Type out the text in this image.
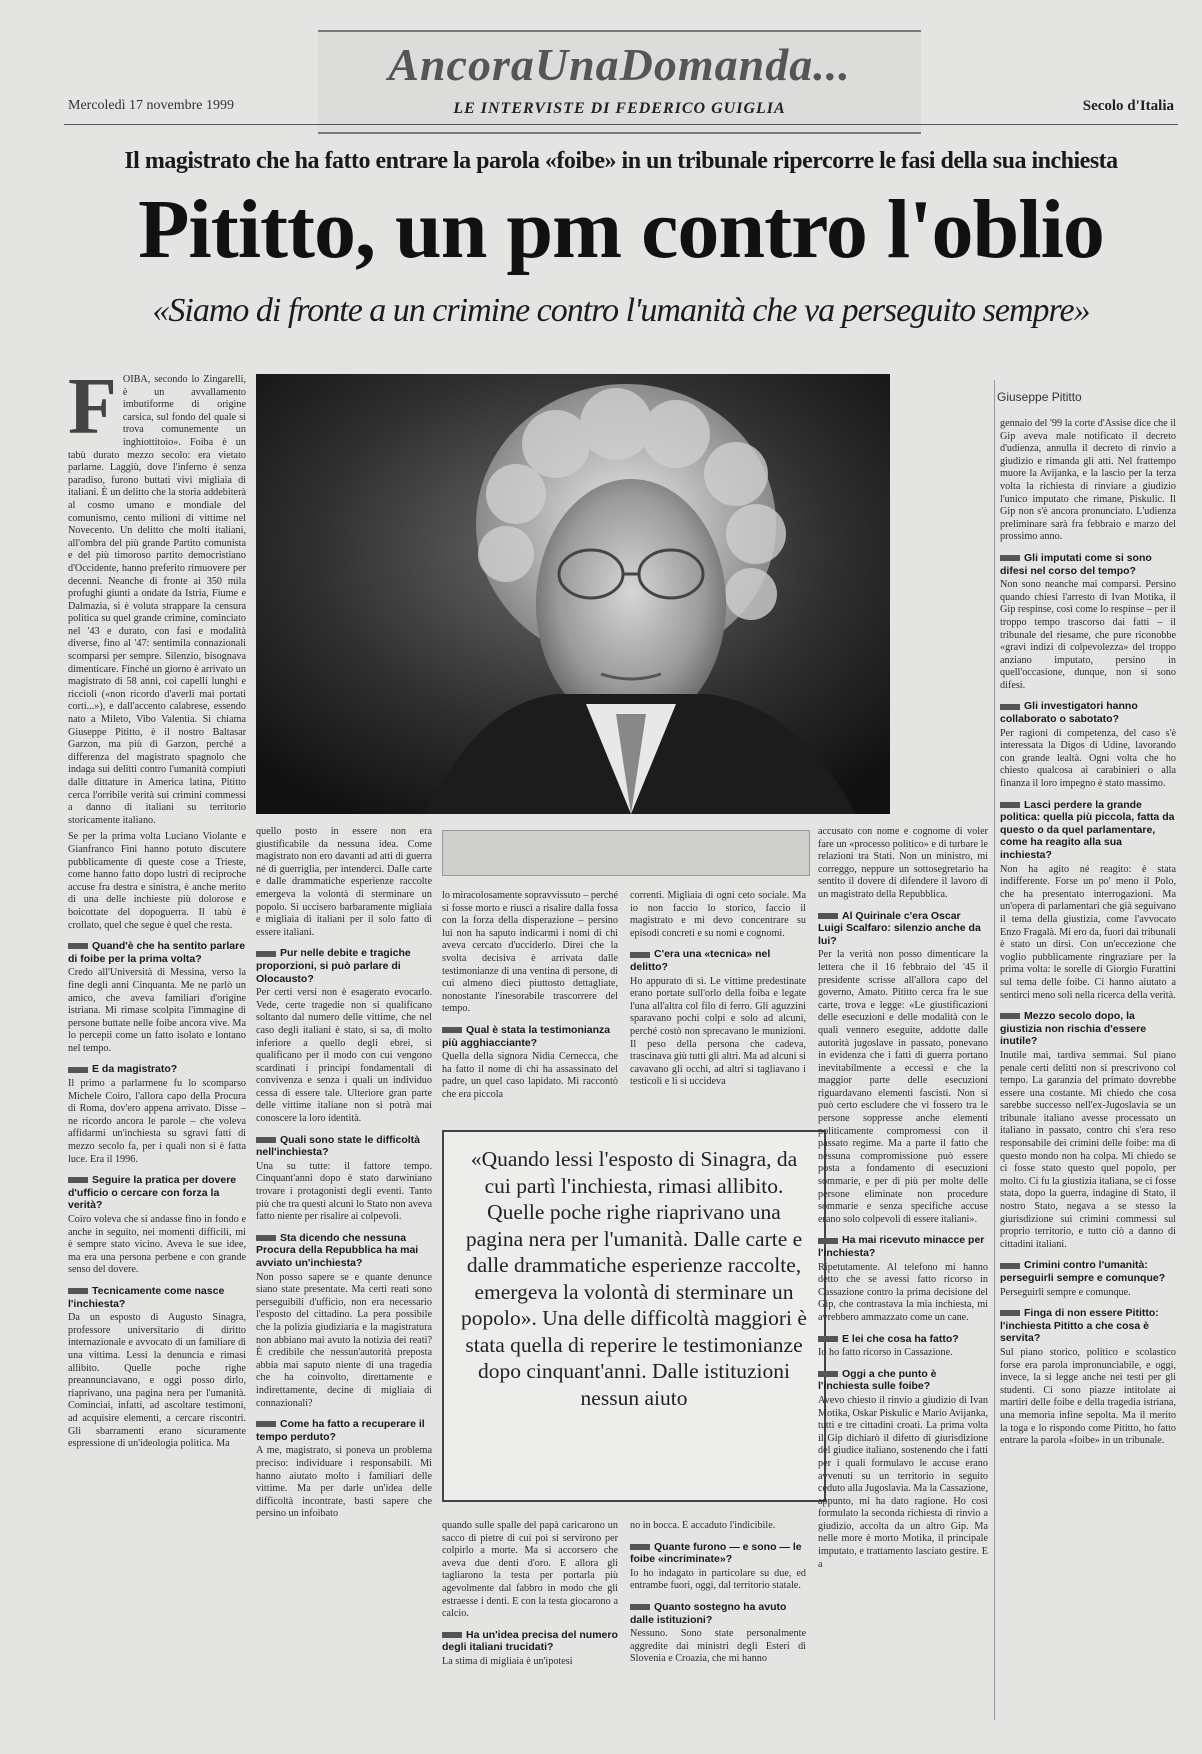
AncoraUnaDomanda...
LE INTERVISTE DI FEDERICO GUIGLIA
Mercoledì 17 novembre 1999	Secolo d'Italia
Il magistrato che ha fatto entrare la parola «foibe» in un tribunale ripercorre le fasi della sua inchiesta
Pititto, un pm contro l'oblio
«Siamo di fronte a un crimine contro l'umanità che va perseguito sempre»
Giuseppe Pititto
F OIBA, secondo lo Zingarelli, è un avvallamento imbutiforme di origine carsica, sul fondo del quale si trova comunemente un inghiottitoio». Foiba è un tabù durato mezzo secolo: era vietato parlarne. Laggiù, dove l'inferno è senza paradiso, furono buttati vivi migliaia di italiani. È un delitto che la storia addebiterà al cosmo umano e mondiale del comunismo, cento milioni di vittime nel Novecento. Un delitto che molti italiani, all'ombra del più grande Partito comunista e del più timoroso partito democristiano d'Occidente, hanno preferito rimuovere per decenni. Neanche di fronte ai 350 mila profughi giunti a ondate da Istria, Fiume e Dalmazia, si è voluta strappare la censura politica su quel grande crimine, cominciato nel '43 e durato, con fasi e modalità diverse, fino al '47: sentimila connazionali scomparsi per sempre. Silenzio, bisognava dimenticare. Finché un giorno è arrivato un magistrato di 58 anni, coi capelli lunghi e riccioli («non ricordo d'averli mai portati corti...»), e dall'accento calabrese, essendo nato a Mileto, Vibo Valentia. Si chiama Giuseppe Pititto, è il nostro Baltasar Garzon, ma più di Garzon, perché a differenza del magistrato spagnolo che indaga sui delitti contro l'umanità compiuti dalle dittature in America latina, Pititto cerca l'orribile verità sui crimini commessi a danno di italiani su territorio storicamente italiano.

Se per la prima volta Luciano Violante e Gianfranco Fini hanno potuto discutere pubblicamente di queste cose a Trieste, come hanno fatto dopo lustri di reciproche accuse fra destra e sinistra, è anche merito di una delle inchieste più dolorose e boicottate del dopoguerra. Il tabù è crollato, quel che segue è quel che resta.

Quand'è che ha sentito parlare di foibe per la prima volta?

Credo all'Università di Messina, verso la fine degli anni Cinquanta. Me ne parlò un amico, che aveva familiari d'origine istriana. Mi rimase scolpita l'immagine di persone buttate nelle foibe ancora vive. Ma lo percepii come un fatto isolato e lontano nel tempo.

E da magistrato?

Il primo a parlarmene fu lo scomparso Michele Coiro, l'allora capo della Procura di Roma, dov'ero appena arrivato. Disse – ne ricordo ancora le parole – che voleva affidarmi un'inchiesta su sgravi fatti di mezzo secolo fa, per i quali non si è fatta luce. Era il 1996.

Seguire la pratica per dovere d'ufficio o cercare con forza la verità?

Coiro voleva che si andasse fino in fondo e anche in seguito, nei momenti difficili, mi è sempre stato vicino. Aveva le sue idee, ma era una persona perbene e con grande senso del dovere.

Tecnicamente come nasce l'inchiesta?

Da un esposto di Augusto Sinagra, professore universitario di diritto internazionale e avvocato di un familiare di una vittima. Lessi la denuncia e rimasi allibito. Quelle poche righe preannunciavano, e oggi posso dirlo, riaprivano, una pagina nera per l'umanità. Cominciai, infatti, ad ascoltare testimoni, ad acquisire elementi, a cercare riscontri. Gli sbarramenti erano sicuramente espressione di un'ideologia politica. Ma

quello posto in essere non era giustificabile da nessuna idea. Come magistrato non ero davanti ad atti di guerra né di guerriglia, per intenderci. Dalle carte e dalle drammatiche esperienze raccolte emergeva la volontà di sterminare un popolo. Si uccisero barbaramente migliaia e migliaia di italiani per il solo fatto di essere italiani.

Pur nelle debite e tragiche proporzioni, si può parlare di Olocausto?

Per certi versi non è esagerato evocarlo. Vede, certe tragedie non si qualificano soltanto dal numero delle vittime, che nel caso degli italiani è stato, si sa, di molto inferiore a quello degli ebrei, si qualificano per il modo con cui vengono scardinati i principi fondamentali di convivenza e senza i quali un individuo cessa di essere tale. Ulteriore gran parte delle vittime italiane non si potrà mai conoscere la loro identità.

Quali sono state le difficoltà nell'inchiesta?

Una su tutte: il fattore tempo. Cinquant'anni dopo è stato darwiniano trovare i protagonisti degli eventi. Tanto più che tra questi alcuni lo Stato non aveva fatto niente per risalire ai colpevoli.

Sta dicendo che nessuna Procura della Repubblica ha mai avviato un'inchiesta?

Non posso sapere se e quante denunce siano state presentate. Ma certi reati sono perseguibili d'ufficio, non era necessario l'esposto del cittadino. La pera possibile che la polizia giudiziaria e la magistratura non abbiano mai avuto la notizia dei reati? È credibile che nessun'autorità preposta abbia mai saputo niente di una tragedia che ha coinvolto, direttamente e indirettamente, decine di migliaia di connazionali?

Come ha fatto a recuperare il tempo perduto?

A me, magistrato, si poneva un problema preciso: individuare i responsabili. Mi hanno aiutato molto i familiari delle vittime. Ma per darle un'idea delle difficoltà incontrate, basti sapere che persino un infoibato

lo miracolosamente sopravvissuto – perché si fosse morto e riuscì a risalire dalla fossa con la forza della disperazione – persino lui non ha saputo indicarmi i nomi di chi aveva cercato d'ucciderlo. Direi che la svolta decisiva è arrivata dalle testimonianze di una ventina di persone, di cui almeno dieci piuttosto dettagliate, nonostante l'inesorabile trascorrere del tempo.

Qual è stata la testimonianza più agghiacciante?

Quella della signora Nidia Cernecca, che ha fatto il nome di chi ha assassinato del padre, un quel caso lapidato. Mi raccontò che era piccola

correnti. Migliaia di ogni ceto sociale. Ma io non faccio lo storico, faccio il magistrato e mi devo concentrare su episodi concreti e su nomi e cognomi.

C'era una «tecnica» nel delitto?

Ho appurato di sì. Le vittime predestinate erano portate sull'orlo della foiba e legate l'una all'altra col filo di ferro. Gli aguzzini sparavano pochi colpi e solo ad alcuni, perché costò non sprecavano le munizioni. Il peso della persona che cadeva, trascinava giù tutti gli altri. Ma ad alcuni si cavavano gli occhi, ad altri si tagliavano i testicoli e li si uccideva

«Quando lessi l'esposto di Sinagra, da cui partì l'inchiesta, rimasi allibito. Quelle poche righe riaprivano una pagina nera per l'umanità. Dalle carte e dalle drammatiche esperienze raccolte, emergeva la volontà di sterminare un popolo». Una delle difficoltà maggiori è stata quella di reperire le testimonianze dopo cinquant'anni. Dalle istituzioni nessun aiuto

quando sulle spalle del papà caricarono un sacco di pietre di cui poi si servirono per colpirlo a morte. Ma si accorsero che aveva due denti d'oro. E allora gli tagliarono la testa per portarla più agevolmente dal fabbro in modo che gli estraesse i denti. E con la testa giocarono a calcio.

Ha un'idea precisa del numero degli italiani trucidati?

La stima di migliaia è un'ipotesi

no in bocca. È accaduto l'indicibile.

Quante furono — e sono — le foibe «incriminate»?

Io ho indagato in particolare su due, ed entrambe fuori, oggi, dal territorio statale.

Quanto sostegno ha avuto dalle istituzioni?

Nessuno. Sono state personalmente aggredite dai ministri degli Esteri di Slovenia e Croazia, che mi hanno

accusato con nome e cognome di voler fare un «processo politico» e di turbare le relazioni tra Stati. Non un ministro, mi correggo, neppure un sottosegretario ha sentito il dovere di difendere il lavoro di un magistrato della Repubblica.

Al Quirinale c'era Oscar Luigi Scalfaro: silenzio anche da lui?

Per la verità non posso dimenticare la lettera che il 16 febbraio del '45 il presidente scrisse all'allora capo del governo, Amato. Pititto cerca fra le sue carte, trova e legge: «Le giustificazioni delle esecuzioni e delle modalità con le quali vennero eseguite, addotte dalle autorità jugoslave in passato, ponevano in evidenza che i fatti di guerra portano inevitabilmente a eccessi e che la maggior parte delle esecuzioni riguardavano elementi fascisti. Non si può certo escludere che vi fossero tra le persone soppresse anche elementi politicamente compromessi con il passato regime. Ma a parte il fatto che nessuna compromissione può essere posta a fondamento di esecuzioni sommarie, e per di più per molte delle persone eliminate non procedure sommarie e senza specifiche accuse erano solo colpevoli di essere italiani».

Ha mai ricevuto minacce per l'inchiesta?

Ripetutamente. Al telefono mi hanno detto che se avessi fatto ricorso in Cassazione contro la prima decisione del Gip, che contrastava la mia inchiesta, mi avrebbero ammazzato come un cane.

E lei che cosa ha fatto?

Io ho fatto ricorso in Cassazione.

Oggi a che punto è l'inchiesta sulle foibe?

Avevo chiesto il rinvio a giudizio di Ivan Motika, Oskar Piskulic e Mario Avijanka, tutti e tre cittadini croati. La prima volta il Gip dichiarò il difetto di giurisdizione del giudice italiano, sostenendo che i fatti per i quali formulavo le accuse erano avvenuti su un territorio in seguito ceduto alla Jugoslavia. Ma la Cassazione, appunto, mi ha dato ragione. Ho così formulato la seconda richiesta di rinvio a giudizio, accolta da un altro Gip. Ma nelle more è morto Motika, il principale imputato, e trattamento lasciato gestire. E a

gennaio del '99 la corte d'Assise dice che il Gip aveva male notificato il decreto d'udienza, annulla il decreto di rinvio a giudizio e rimanda gli atti. Nel frattempo muore la Avijanka, e la lascio per la terza volta la richiesta di rinviare a giudizio l'unico imputato che rimane, Piskulic. Il Gip non s'è ancora pronunciato. L'udienza preliminare sarà fra febbraio e marzo del prossimo anno.

Gli imputati come si sono difesi nel corso del tempo?

Non sono neanche mai comparsi. Persino quando chiesi l'arresto di Ivan Motika, il Gip respinse, così come lo respinse – per il troppo tempo trascorso dai fatti – il tribunale del riesame, che pure riconobbe «gravi indizi di colpevolezza» del troppo anziano imputato, persino in quell'occasione, dunque, non si sono difesi.

Gli investigatori hanno collaborato o sabotato?

Per ragioni di competenza, del caso s'è interessata la Digos di Udine, lavorando con grande lealtà. Ogni volta che ho chiesto qualcosa ai carabinieri o alla finanza il loro impegno è stato massimo.

Lasci perdere la grande politica: quella più piccola, fatta da questo o da quel parlamentare, come ha reagito alla sua inchiesta?

Non ha agito né reagito: è stata indifferente. Forse un po' meno il Polo, che ha presentato interrogazioni. Ma un'opera di parlamentari che già seguivano il tema della giustizia, come l'avvocato Enzo Fragalà. Mi ero da, fuori dai tribunali è stato un dirsi. Con un'eccezione che voglio pubblicamente ringraziare per la prima volta: le sorelle di Giorgio Furattini sul tema delle foibe. Ci hanno aiutato a sentirci meno soli nella ricerca della verità.

Mezzo secolo dopo, la giustizia non rischia d'essere inutile?

Inutile mai, tardiva semmai. Sul piano penale certi delitti non si prescrivono col tempo. La garanzia del primato dovrebbe essere una costante. Mi chiedo che cosa sarebbe successo nell'ex-Jugoslavia se un tribunale italiano avesse processato un italiano in passato, contro chi s'era reso responsabile dei crimini delle foibe: ma di questo mondo non ha colpa. Mi chiedo se ci fosse stato questo quel popolo, per molto. Ci fu la giustizia italiana, se ci fosse stata, dopo la guerra, indagine di Stato, il nostro Stato, negava a se stesso la giurisdizione sui crimini commessi sul proprio territorio, e tutto ciò a danno di cittadini italiani.

Crimini contro l'umanità: perseguirli sempre e comunque?

Perseguirli sempre e comunque.

Finga di non essere Pititto: l'inchiesta Pititto a che cosa è servita?

Sul piano storico, politico e scolastico forse era parola impronunciabile, e oggi, invece, la si legge anche nei testi per gli studenti. Ci sono piazze intitolate ai martiri delle foibe e della tragedia istriana, una memoria infine sepolta. Ma il merito la toga e lo rispondo come Pititto, ho fatto entrare la parola «foibe» in un tribunale.
